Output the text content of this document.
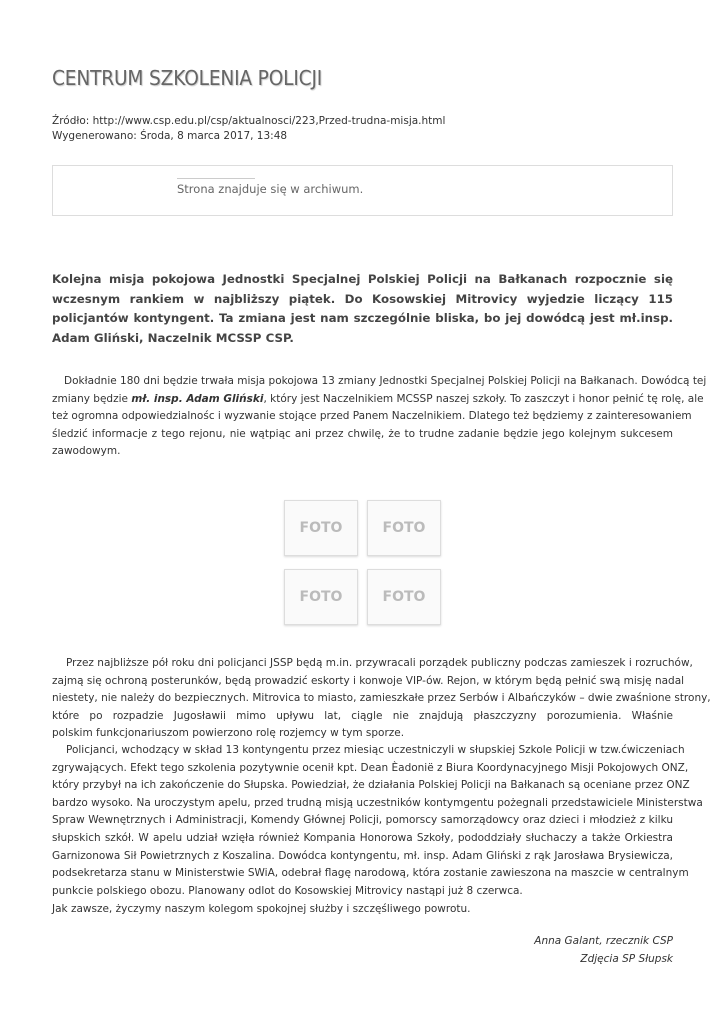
CENTRUM SZKOLENIA POLICJI
Źródło: http://www.csp.edu.pl/csp/aktualnosci/223,Przed-trudna-misja.html
Wygenerowano: Środa, 8 marca 2017, 13:48
Strona znajduje się w archiwum.
Kolejna misja pokojowa Jednostki Specjalnej Polskiej Policji na Bałkanach rozpocznie się wczesnym rankiem w najbliższy piątek. Do Kosowskiej Mitrovicy wyjedzie liczący 115 policjantów kontyngent. Ta zmiana jest nam szczególnie bliska, bo jej dowódcą jest mł.insp. Adam Gliński, Naczelnik MCSSP CSP.
Dokładnie 180 dni będzie trwała misja pokojowa 13 zmiany Jednostki Specjalnej Polskiej Policji na Bałkanach. Dowódcą tej
zmiany będzie mł. insp. Adam Gliński, który jest Naczelnikiem MCSSP naszej szkoły. To zaszczyt i honor pełnić tę rolę, ale
też ogromna odpowiedzialnośc i wyzwanie stojące przed Panem Naczelnikiem. Dlatego też będziemy z zainteresowaniem
śledzić informacje z tego rejonu, nie wątpiąc ani przez chwilę, że to trudne zadanie będzie jego kolejnym sukcesem
zawodowym.
FOTO	FOTO
FOTO	FOTO
Przez najbliższe pół roku dni policjanci JSSP będą m.in. przywracali porządek publiczny podczas zamieszek i rozruchów,
zajmą się ochroną posterunków, będą prowadzić eskorty i konwoje VIP-ów. Rejon, w którym będą pełnić swą misję nadal
niestety, nie należy do bezpiecznych. Mitrovica to miasto, zamieszkałe przez Serbów i Albańczyków – dwie zwaśnione strony,
które po rozpadzie Jugosławii mimo upływu lat, ciągle nie znajdują płaszczyzny porozumienia. Właśnie
polskim funkcjonariuszom powierzono rolę rozjemcy w tym sporze.
Policjanci, wchodzący w skład 13 kontyngentu przez miesiąc uczestniczyli w słupskiej Szkole Policji w tzw.ćwiczeniach
zgrywających. Efekt tego szkolenia pozytywnie ocenił kpt. Dean Èadonië z Biura Koordynacyjnego Misji Pokojowych ONZ,
który przybył na ich zakończenie do Słupska. Powiedział, że działania Polskiej Policji na Bałkanach są oceniane przez ONZ
bardzo wysoko. Na uroczystym apelu, przed trudną misją uczestników kontymgentu pożegnali przedstawiciele Ministerstwa
Spraw Wewnętrznych i Administracji, Komendy Głównej Policji, pomorscy samorządowcy oraz dzieci i młodzież z kilku
słupskich szkół. W apelu udział wzięła również Kompania Honorowa Szkoły, pododdziały słuchaczy a także Orkiestra
Garnizonowa Sił Powietrznych z Koszalina. Dowódca kontyngentu, mł. insp. Adam Gliński z rąk Jarosława Brysiewicza,
podsekretarza stanu w Ministerstwie SWiA, odebrał flagę narodową, która zostanie zawieszona na maszcie w centralnym
punkcie polskiego obozu. Planowany odlot do Kosowskiej Mitrovicy nastąpi już 8 czerwca.
Jak zawsze, życzymy naszym kolegom spokojnej służby i szczęśliwego powrotu.
Anna Galant, rzecznik CSP
Zdjęcia SP Słupsk
